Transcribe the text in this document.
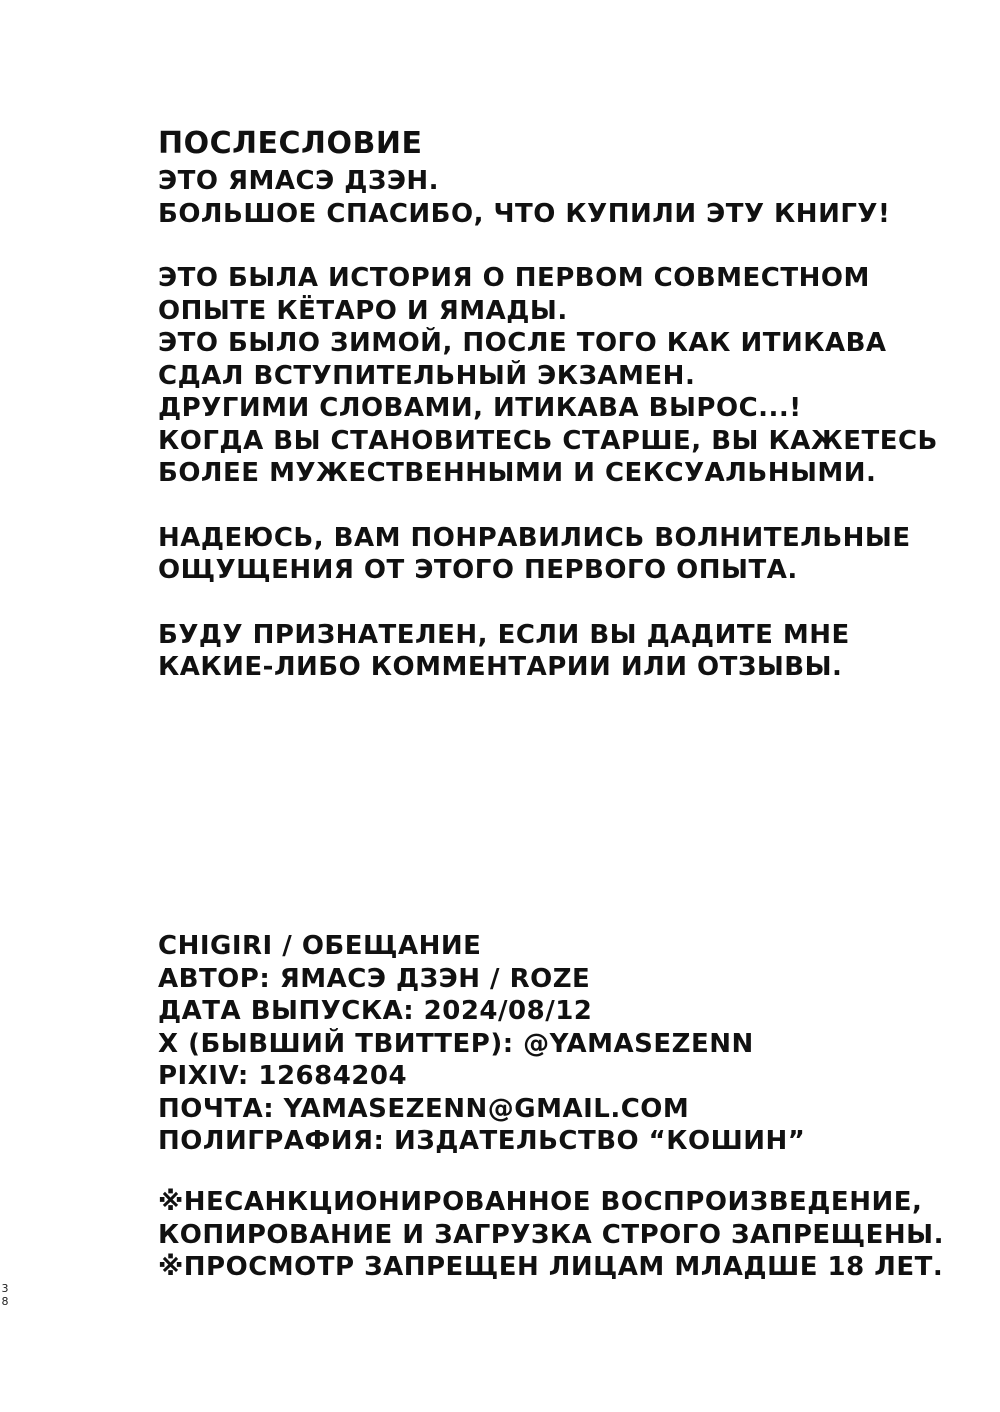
ПОСЛЕСЛОВИЕ

ЭТО ЯМАСЭ ДЗЭН.
БОЛЬШОЕ СПАСИБО, ЧТО КУПИЛИ ЭТУ КНИГУ!

ЭТО БЫЛА ИСТОРИЯ О ПЕРВОМ СОВМЕСТНОМ
ОПЫТЕ КЁТАРО И ЯМАДЫ.
ЭТО БЫЛО ЗИМОЙ, ПОСЛЕ ТОГО КАК ИТИКАВА
СДАЛ ВСТУПИТЕЛЬНЫЙ ЭКЗАМЕН.
ДРУГИМИ СЛОВАМИ, ИТИКАВА ВЫРОС...!
КОГДА ВЫ СТАНОВИТЕСЬ СТАРШЕ, ВЫ КАЖЕТЕСЬ
БОЛЕЕ МУЖЕСТВЕННЫМИ И СЕКСУАЛЬНЫМИ.

НАДЕЮСЬ, ВАМ ПОНРАВИЛИСЬ ВОЛНИТЕЛЬНЫЕ
ОЩУЩЕНИЯ ОТ ЭТОГО ПЕРВОГО ОПЫТА.

БУДУ ПРИЗНАТЕЛЕН, ЕСЛИ ВЫ ДАДИТЕ МНЕ
КАКИЕ-ЛИБО КОММЕНТАРИИ ИЛИ ОТЗЫВЫ.

CHIGIRI / ОБЕЩАНИЕ
АВТОР: ЯМАСЭ ДЗЭН / ROZE
ДАТА ВЫПУСКА: 2024/08/12
X (БЫВШИЙ ТВИТТЕР): @YAMASEZENN
PIXIV: 12684204
ПОЧТА: YAMASEZENN@GMAIL.COM
ПОЛИГРАФИЯ: ИЗДАТЕЛЬСТВО “КОШИН”
※НЕСАНКЦИОНИРОВАННОЕ ВОСПРОИЗВЕДЕНИЕ,
КОПИРОВАНИЕ И ЗАГРУЗКА СТРОГО ЗАПРЕЩЕНЫ.
※ПРОСМОТР ЗАПРЕЩЕН ЛИЦАМ МЛАДШЕ 18 ЛЕТ.
3
8
